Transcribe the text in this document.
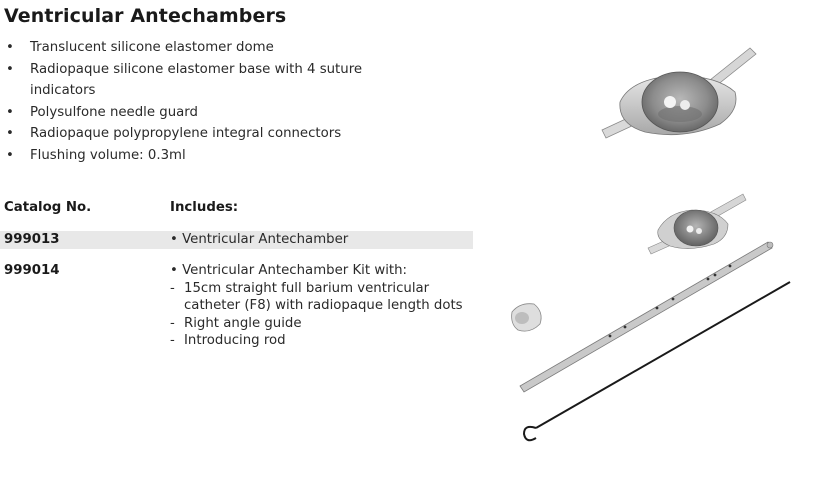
Ventricular Antechambers
• Translucent silicone elastomer dome
• Radiopaque silicone elastomer base with 4 suture
indicators
• Polysulfone needle guard
• Radiopaque polypropylene integral connectors
• Flushing volume: 0.3ml
Catalog No.	Includes:
999013	• Ventricular Antechamber
999014	• Ventricular Antechamber Kit with:
- 15cm straight full barium ventricular
catheter (F8) with radiopaque length dots
- Right angle guide
- Introducing rod
